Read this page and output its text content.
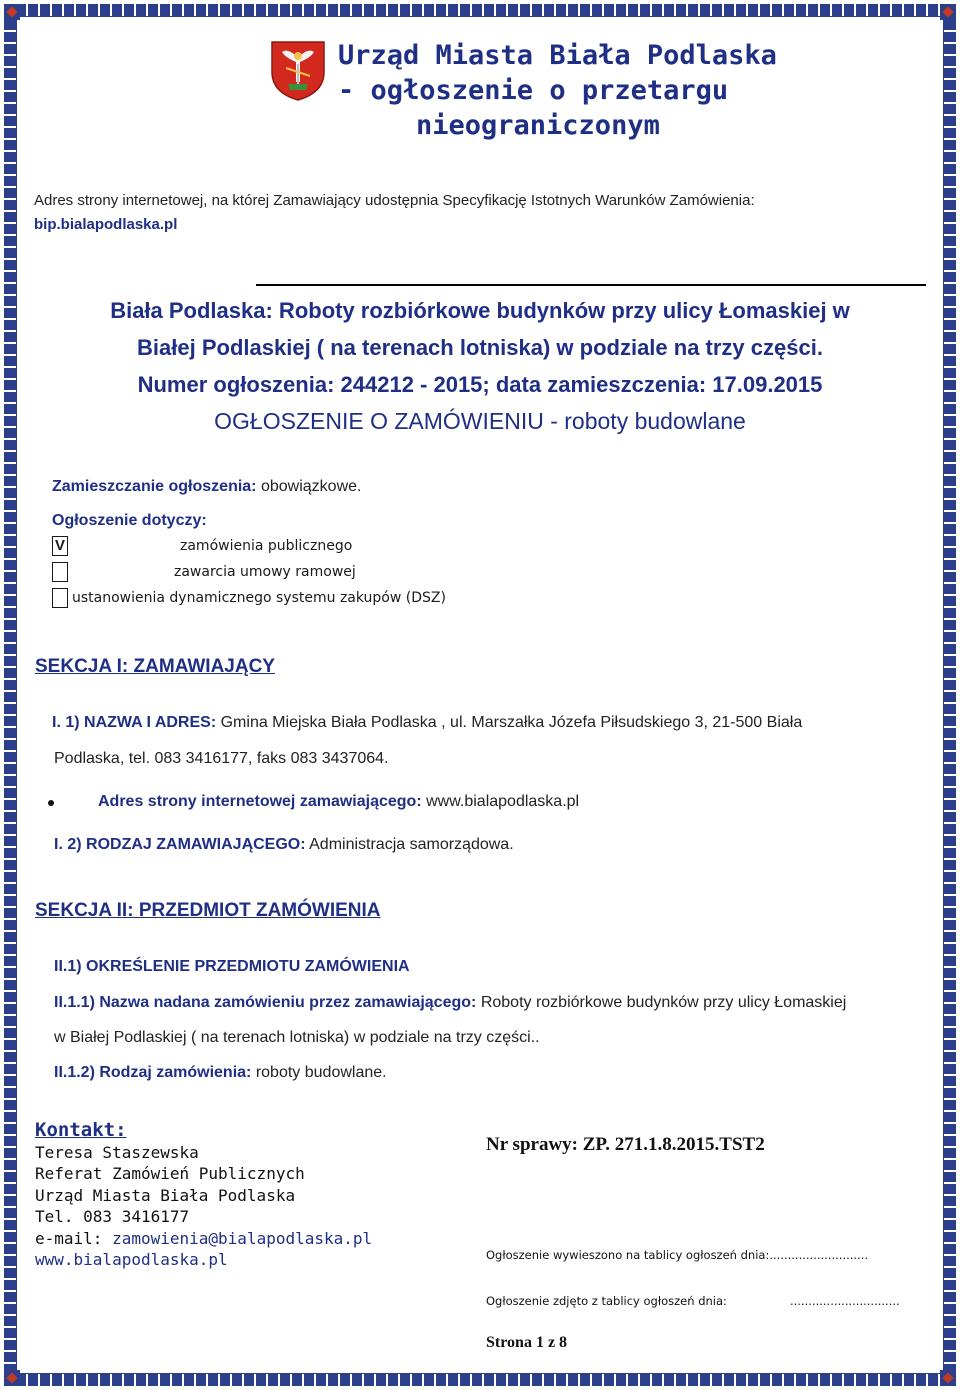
Urząd Miasta Biała Podlaska
- ogłoszenie o przetargu
nieograniczonym
Adres strony internetowej, na której Zamawiający udostępnia Specyfikację Istotnych Warunków Zamówienia:
bip.bialapodlaska.pl
Biała Podlaska: Roboty rozbiórkowe budynków przy ulicy Łomaskiej w
Białej Podlaskiej ( na terenach lotniska) w podziale na trzy części.
Numer ogłoszenia: 244212 - 2015; data zamieszczenia: 17.09.2015
OGŁOSZENIE O ZAMÓWIENIU - roboty budowlane
Zamieszczanie ogłoszenia: obowiązkowe.
Ogłoszenie dotyczy:
V	zamówienia publicznego
zawarcia umowy ramowej
ustanowienia dynamicznego systemu zakupów (DSZ)
SEKCJA I: ZAMAWIAJĄCY
I. 1) NAZWA I ADRES: Gmina Miejska Biała Podlaska , ul. Marszałka Józefa Piłsudskiego 3, 21-500 Biała
Podlaska, tel. 083 3416177, faks 083 3437064.
Adres strony internetowej zamawiającego: www.bialapodlaska.pl
I. 2) RODZAJ ZAMAWIAJĄCEGO: Administracja samorządowa.
SEKCJA II: PRZEDMIOT ZAMÓWIENIA
II.1) OKREŚLENIE PRZEDMIOTU ZAMÓWIENIA
II.1.1) Nazwa nadana zamówieniu przez zamawiającego: Roboty rozbiórkowe budynków przy ulicy Łomaskiej
w Białej Podlaskiej ( na terenach lotniska) w podziale na trzy części..
II.1.2) Rodzaj zamówienia: roboty budowlane.
Kontakt:
Teresa Staszewska
Referat Zamówień Publicznych
Urząd Miasta Biała Podlaska
Tel. 083 3416177
e-mail: zamowienia@bialapodlaska.pl
www.bialapodlaska.pl
Nr sprawy: ZP. 271.1.8.2015.TST2
Ogłoszenie wywieszono na tablicy ogłoszeń dnia:...........................
Ogłoszenie zdjęto z tablicy ogłoszeń dnia:	..............................
Strona 1 z 8
